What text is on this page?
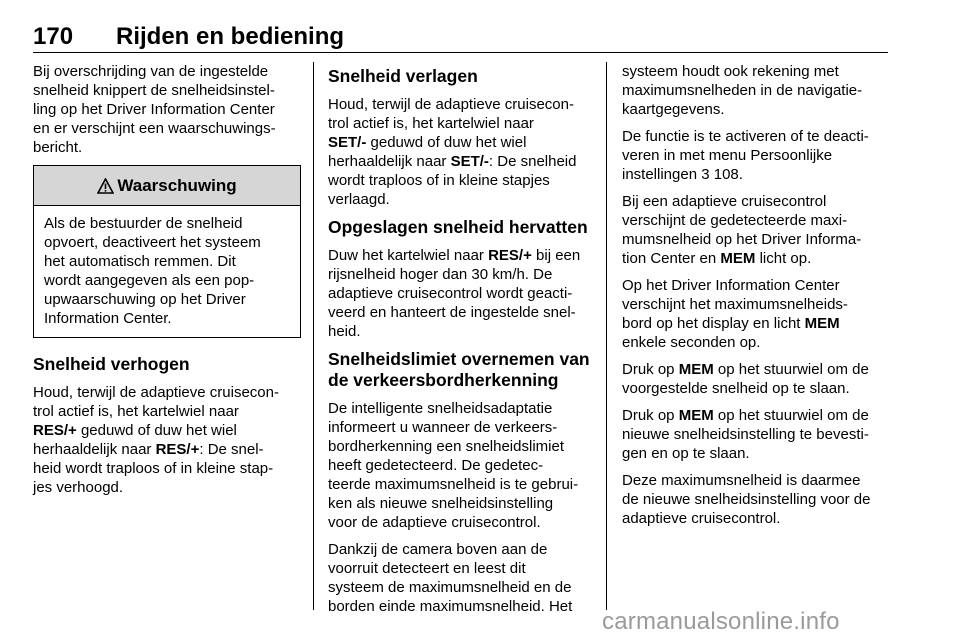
170 Rijden en bediening

Bij overschrijding van de ingestelde
snelheid knippert de snelheidsinstel-
ling op het Driver Information Center
en er verschijnt een waarschuwings-
bericht.

Waarschuwing
Als de bestuurder de snelheid
opvoert, deactiveert het systeem
het automatisch remmen. Dit
wordt aangegeven als een pop-
upwaarschuwing op het Driver
Information Center.
Snelheid verhogen

Houd, terwijl de adaptieve cruisecon-
trol actief is, het kartelwiel naar
RES/+ geduwd of duw het wiel
herhaaldelijk naar RES/+: De snel-
heid wordt traploos of in kleine stap-
jes verhoogd.

Snelheid verlagen

Houd, terwijl de adaptieve cruisecon-
trol actief is, het kartelwiel naar
SET/- geduwd of duw het wiel
herhaaldelijk naar SET/-: De snelheid
wordt traploos of in kleine stapjes
verlaagd.

Opgeslagen snelheid hervatten

Duw het kartelwiel naar RES/+ bij een
rijsnelheid hoger dan 30 km/h. De
adaptieve cruisecontrol wordt geacti-
veerd en hanteert de ingestelde snel-
heid.

Snelheidslimiet overnemen van
de verkeersbordherkenning

De intelligente snelheidsadaptatie
informeert u wanneer de verkeers-
bordherkenning een snelheidslimiet
heeft gedetecteerd. De gedetec-
teerde maximumsnelheid is te gebrui-
ken als nieuwe snelheidsinstelling
voor de adaptieve cruisecontrol.

Dankzij de camera boven aan de
voorruit detecteert en leest dit
systeem de maximumsnelheid en de
borden einde maximumsnelheid. Het

systeem houdt ook rekening met
maximumsnelheden in de navigatie-
kaartgegevens.

De functie is te activeren of te deacti-
veren in met menu Persoonlijke
instellingen 3 108.

Bij een adaptieve cruisecontrol
verschijnt de gedetecteerde maxi-
mumsnelheid op het Driver Informa-
tion Center en MEM licht op.

Op het Driver Information Center
verschijnt het maximumsnelheids-
bord op het display en licht MEM
enkele seconden op.

Druk op MEM op het stuurwiel om de
voorgestelde snelheid op te slaan.

Druk op MEM op het stuurwiel om de
nieuwe snelheidsinstelling te bevesti-
gen en op te slaan.

Deze maximumsnelheid is daarmee
de nieuwe snelheidsinstelling voor de
adaptieve cruisecontrol.

carmanualsonline.info
